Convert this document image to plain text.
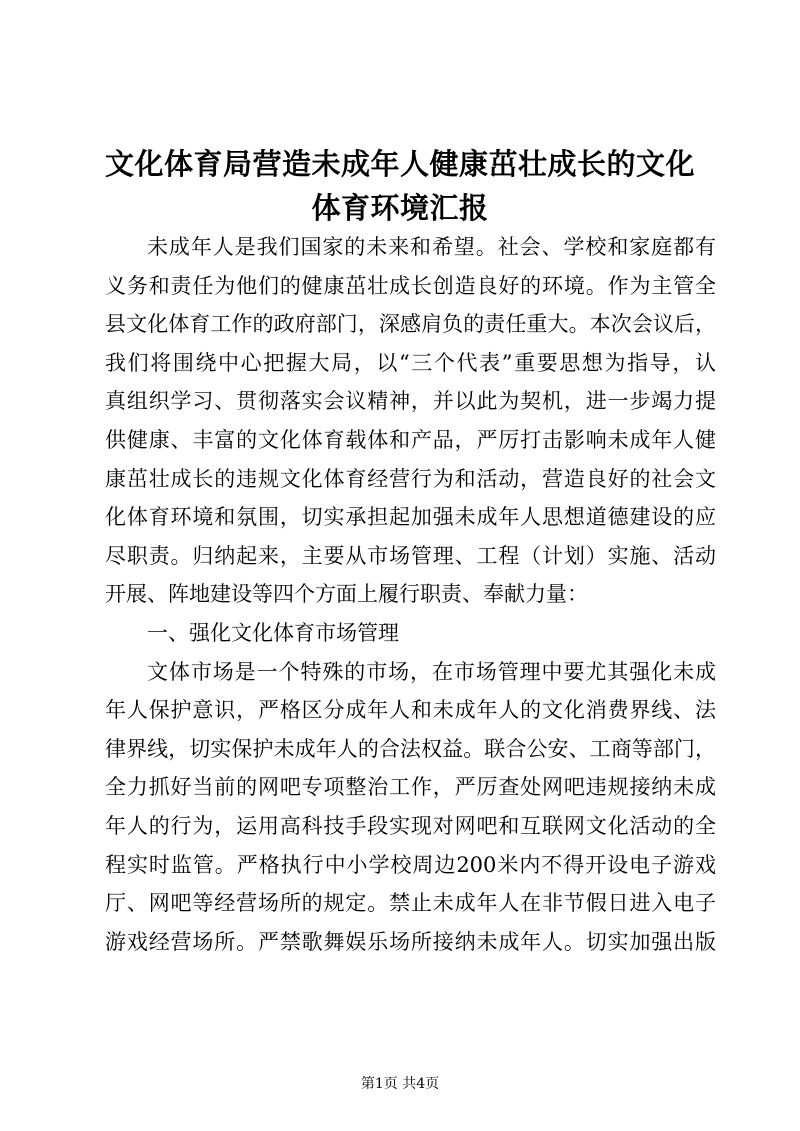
文化体育局营造未成年人健康茁壮成长的文化
体育环境汇报
未成年人是我们国家的未来和希望。社会、学校和家庭都有
义务和责任为他们的健康茁壮成长创造良好的环境。作为主管全
县文化体育工作的政府部门，深感肩负的责任重大。本次会议后，
我们将围绕中心把握大局，以“三个代表”重要思想为指导，认
真组织学习、贯彻落实会议精神，并以此为契机，进一步竭力提
供健康、丰富的文化体育载体和产品，严厉打击影响未成年人健
康茁壮成长的违规文化体育经营行为和活动，营造良好的社会文
化体育环境和氛围，切实承担起加强未成年人思想道德建设的应
尽职责。归纳起来，主要从市场管理、工程（计划）实施、活动
开展、阵地建设等四个方面上履行职责、奉献力量：
一、强化文化体育市场管理
文体市场是一个特殊的市场，在市场管理中要尤其强化未成
年人保护意识，严格区分成年人和未成年人的文化消费界线、法
律界线，切实保护未成年人的合法权益。联合公安、工商等部门，
全力抓好当前的网吧专项整治工作，严厉查处网吧违规接纳未成
年人的行为，运用高科技手段实现对网吧和互联网文化活动的全
程实时监管。严格执行中小学校周边200米内不得开设电子游戏
厅、网吧等经营场所的规定。禁止未成年人在非节假日进入电子
游戏经营场所。严禁歌舞娱乐场所接纳未成年人。切实加强出版
第1页 共4页
